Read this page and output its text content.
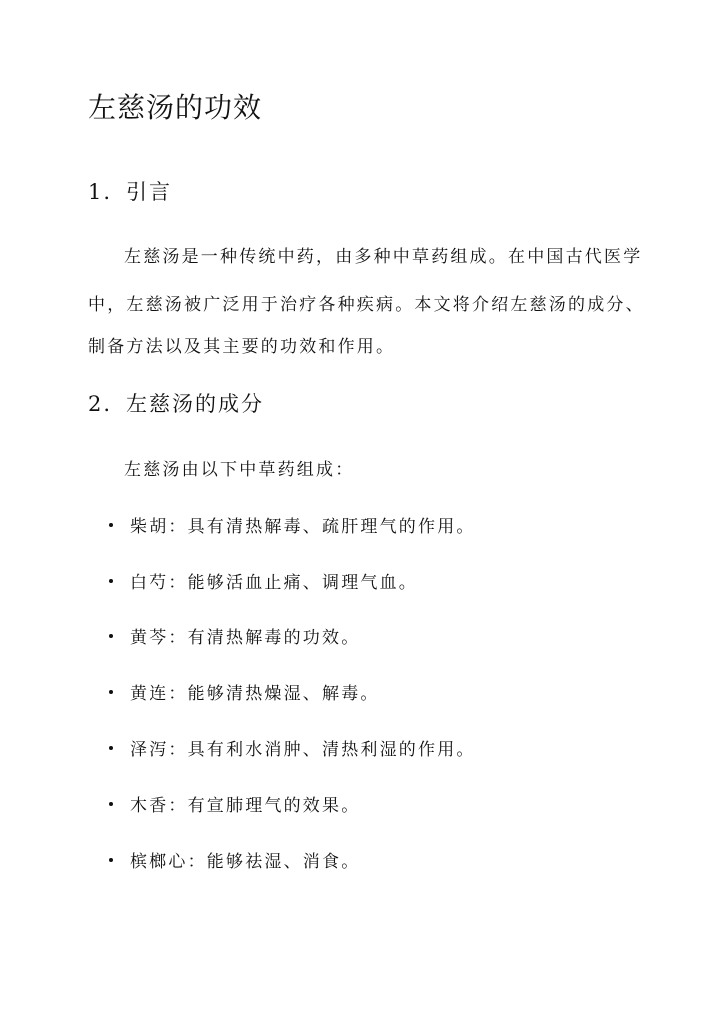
左慈汤的功效
1. 引言

左慈汤是一种传统中药，由多种中草药组成。在中国古代医学

中，左慈汤被广泛用于治疗各种疾病。本文将介绍左慈汤的成分、

制备方法以及其主要的功效和作用。

2. 左慈汤的成分

左慈汤由以下中草药组成：

柴胡：具有清热解毒、疏肝理气的作用。
白芍：能够活血止痛、调理气血。
黄芩：有清热解毒的功效。
黄连：能够清热燥湿、解毒。
泽泻：具有利水消肿、清热利湿的作用。
木香：有宣肺理气的效果。
槟榔心：能够祛湿、消食。
